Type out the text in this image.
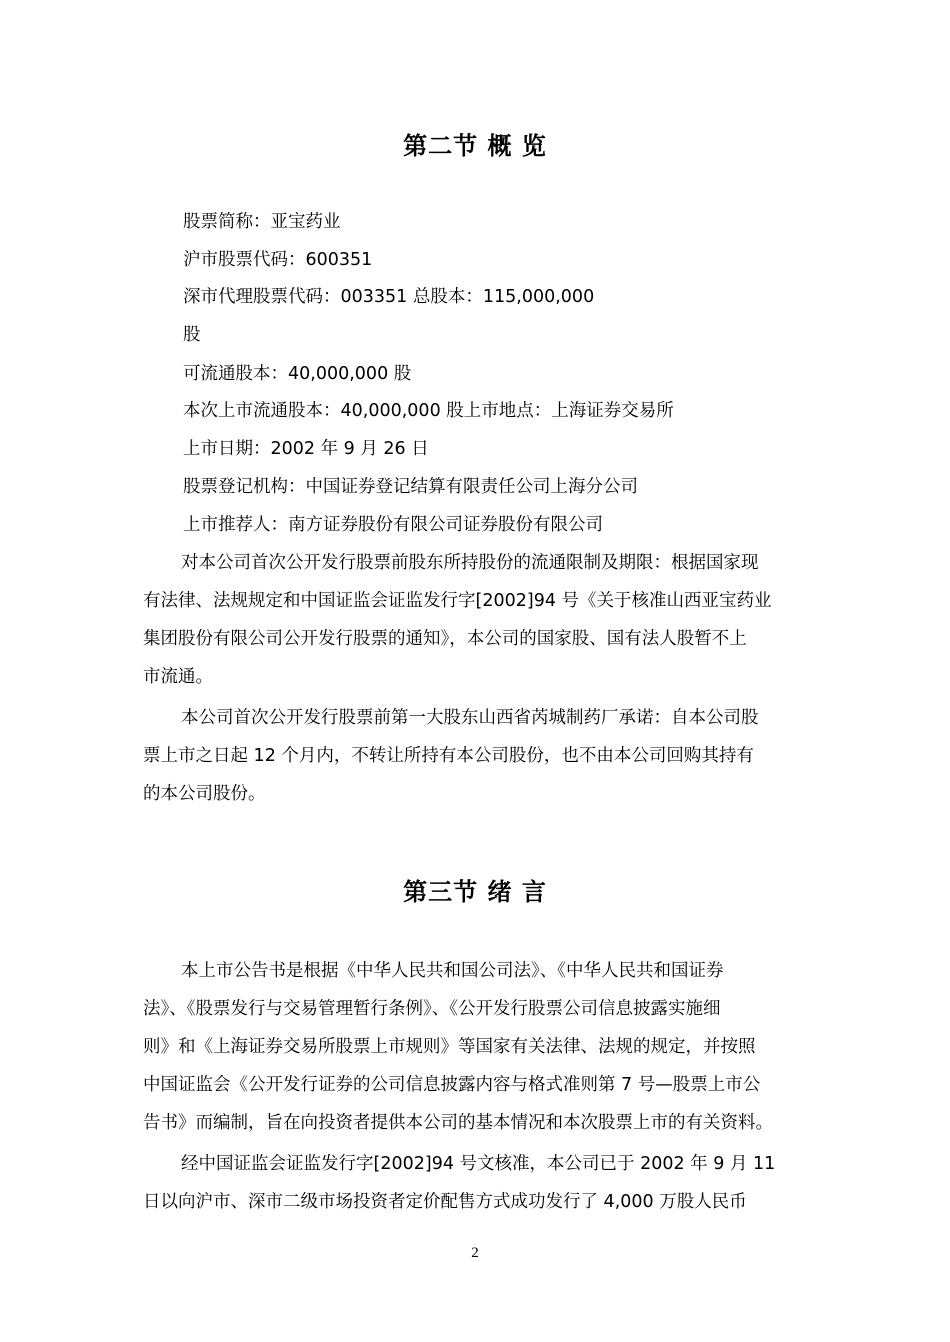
第二节 概 览
股票简称：亚宝药业
沪市股票代码：600351
深市代理股票代码：003351 总股本：115,000,000
股
可流通股本：40,000,000 股
本次上市流通股本：40,000,000 股上市地点：上海证券交易所
上市日期：2002 年 9 月 26 日
股票登记机构：中国证券登记结算有限责任公司上海分公司
上市推荐人：南方证券股份有限公司证券股份有限公司
对本公司首次公开发行股票前股东所持股份的流通限制及期限：根据国家现
有法律、法规规定和中国证监会证监发行字[2002]94 号《关于核准山西亚宝药业
集团股份有限公司公开发行股票的通知》，本公司的国家股、国有法人股暂不上
市流通。
本公司首次公开发行股票前第一大股东山西省芮城制药厂承诺：自本公司股
票上市之日起 12 个月内，不转让所持有本公司股份，也不由本公司回购其持有
的本公司股份。
第三节 绪 言
本上市公告书是根据《中华人民共和国公司法》、《中华人民共和国证券
法》、《股票发行与交易管理暂行条例》、《公开发行股票公司信息披露实施细
则》和《上海证券交易所股票上市规则》等国家有关法律、法规的规定，并按照
中国证监会《公开发行证券的公司信息披露内容与格式准则第 7 号—股票上市公
告书》而编制，旨在向投资者提供本公司的基本情况和本次股票上市的有关资料。
经中国证监会证监发行字[2002]94 号文核准，本公司已于 2002 年 9 月 11
日以向沪市、深市二级市场投资者定价配售方式成功发行了 4,000 万股人民币
2
